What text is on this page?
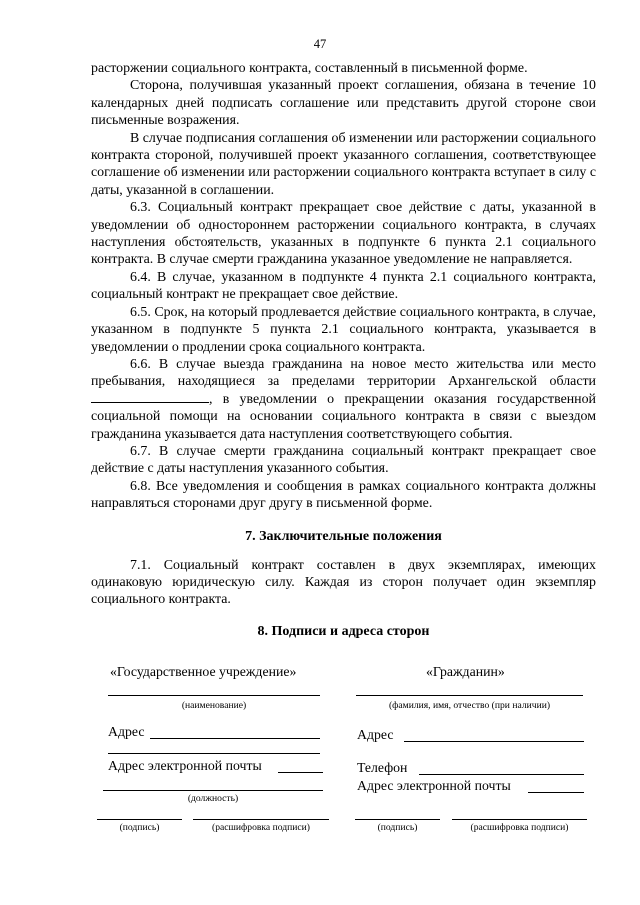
47

расторжении социального контракта, составленный в письменной форме.

Сторона, получившая указанный проект соглашения, обязана в течение 10 календарных дней подписать соглашение или представить другой стороне свои письменные возражения.

В случае подписания соглашения об изменении или расторжении социального контракта стороной, получившей проект указанного соглашения, соответствующее соглашение об изменении или расторжении социального контракта вступает в силу с даты, указанной в соглашении.

6.3. Социальный контракт прекращает свое действие с даты, указанной в уведомлении об одностороннем расторжении социального контракта, в случаях наступления обстоятельств, указанных в подпункте 6 пункта 2.1 социального контракта. В случае смерти гражданина указанное уведомление не направляется.

6.4. В случае, указанном в подпункте 4 пункта 2.1 социального контракта, социальный контракт не прекращает свое действие.

6.5. Срок, на который продлевается действие социального контракта, в случае, указанном в подпункте 5 пункта 2.1 социального контракта, указывается в уведомлении о продлении срока социального контракта.

6.6. В случае выезда гражданина на новое место жительства или место пребывания, находящиеся за пределами территории Архангельской области , в уведомлении о прекращении оказания государственной социальной помощи на основании социального контракта в связи с выездом гражданина указывается дата наступления соответствующего события.

6.7. В случае смерти гражданина социальный контракт прекращает свое действие с даты наступления указанного события.

6.8. Все уведомления и сообщения в рамках социального контракта должны направляться сторонами друг другу в письменной форме.

7. Заключительные положения

7.1. Социальный контракт составлен в двух экземплярах, имеющих одинаковую юридическую силу. Каждая из сторон получает один экземпляр социального контракта.

8. Подписи и адреса сторон
«Государственное учреждение»
(наименование)
Адрес
Адрес электронной почты
(должность)
(подпись)	(расшифровка подписи)
«Гражданин»
(фамилия, имя, отчество (при наличии)
Адрес
Телефон
Адрес электронной почты
(подпись)	(расшифровка подписи)
